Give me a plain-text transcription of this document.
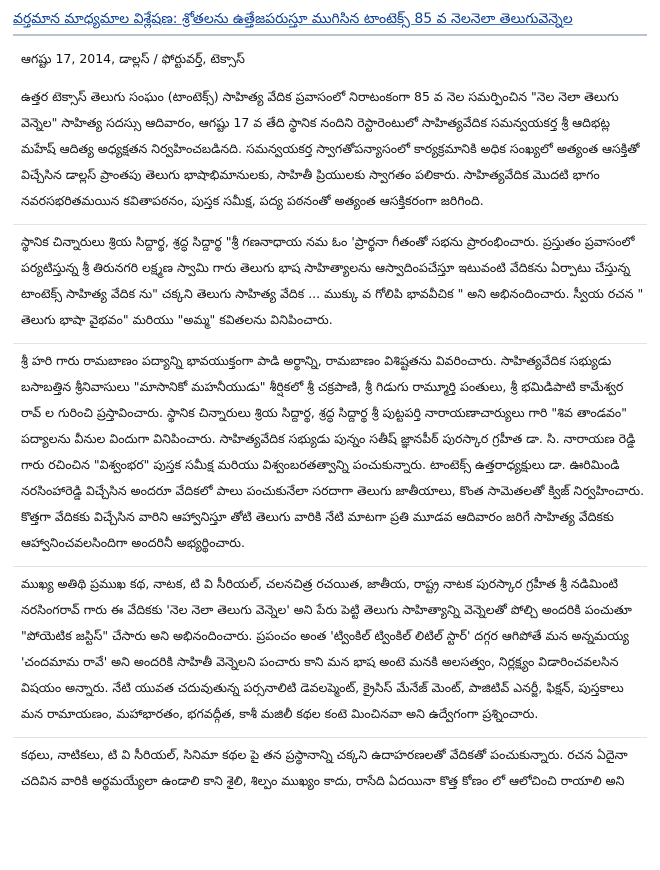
వర్తమాన మాధ్యమాల విశ్లేషణ: శ్రోతలను ఉత్తేజపరుస్తూ ముగిసిన టాంటెక్స్ 85 వ నెలనెలా తెలుగువెన్నెల
ఆగష్టు 17, 2014, డాల్లస్ / ఫోర్టువర్త్, టెక్సాస్

ఉత్తర టెక్సాస్ తెలుగు సంఘం (టాంటెక్స్) సాహిత్య వేదిక ప్రవాసంలో నిరాటంకంగా 85 వ నెల సమర్పించిన "నెల నెలా తెలుగు వెన్నెల" సాహిత్య సదస్సు ఆదివారం, ఆగష్టు 17 వ తేది స్థానిక నందిని రెస్టారెంటులో సాహిత్యవేదిక సమన్వయకర్త శ్రీ ఆదిభట్ల మహేష్ ఆదిత్య అధ్యక్షతన నిర్వహించబడినది. సమన్వయకర్త స్వాగతోపన్యాసంలో కార్యక్రమానికి అధిక సంఖ్యలో అత్యంత ఆసక్తితో విచ్చేసిన డాల్లస్ ప్రాంతపు తెలుగు భాషాభిమానులకు, సాహితీ ప్రియులకు స్వాగతం పలికారు. సాహిత్యవేదిక మొదటి భాగం నవరసభరితమయిన కవితాపఠనం, పుస్తక సమీక్ష, పద్య పఠనంతో అత్యంత ఆసక్తికరంగా జరిగింది.

స్థానిక చిన్నారులు శ్రియ సిద్దార్థ, శ్రద్ధ సిద్దార్థ "శ్రీ గణనాధాయ నమ ఓం 'ప్రార్థనా గీతంతో సభను ప్రారంభించారు. ప్రస్తుతం ప్రవాసంలో పర్యటిస్తున్న శ్రీ తిరునగరి లక్ష్మణ స్వామి గారు తెలుగు భాష సాహిత్యాలను ఆస్వాదింపచేస్తూ ఇటువంటి వేదికను ఏర్పాటు చేస్తున్న టాంటెక్స్ సాహిత్య వేదిక ను" చక్కని తెలుగు సాహిత్య వేదిక ... ముక్కు వ గోలిపి భావవీచిక " అని అభినందించారు. స్వీయ రచన " తెలుగు భాషా వైభవం" మరియు "అమ్మ" కవితలను వినిపించారు.

శ్రీ హరి గారు రామబాణం పద్యాన్ని భావయుక్తంగా పాడి అర్థాన్ని, రామబాణం విశిష్టతను వివరించారు. సాహిత్యవేదిక సభ్యుడు బసాబత్తిన శ్రీనివాసులు "మాసానికో మహనీయుడు" శీర్షికలో శ్రీ చక్రపాణి, శ్రీ గిడుగు రామ్మూర్తి పంతులు, శ్రీ భమిడిపాటి కామేశ్వర రావ్ ల గురించి ప్రస్తావించారు. స్థానిక చిన్నారులు శ్రియ సిద్దార్థ, శ్రద్ధ సిద్దార్థ శ్రీ పుట్టపర్తి నారాయణాచార్యులు గారి "శివ తాండవం" పద్యాలను వీనుల విందుగా వినిపించారు. సాహిత్యవేదిక సభ్యుడు పున్నం సతీష్ జ్ఞానపీఠ్ పురస్కార గ్రహీత డా. సి. నారాయణ రెడ్డి గారు రచించిన "విశ్వంభర" పుస్తక సమీక్ష మరియు విశ్వంబరతత్వాన్ని పంచుకున్నారు. టాంటెక్స్ ఉత్తరాధ్యక్షులు డా. ఊరిమిండి నరసింహారెడ్డి విచ్చేసిన అందరూ వేదికలో పాలు పంచుకునేలా సరదాగా తెలుగు జాతీయాలు, కొంత సామెతలతో క్విజ్ నిర్వహించారు. కొత్తగా వేదికకు విచ్చేసిన వారిని ఆహ్వానిస్తూ తోటి తెలుగు వారికి నేటి మాటగా ప్రతి మూడవ ఆదివారం జరిగే సాహిత్య వేదికకు ఆహ్వానించవలసిందిగా అందరినీ అభ్యర్థించారు.

ముఖ్య అతిథి ప్రముఖ కథ, నాటక, టి వి సీరియల్, చలనచిత్ర రచయిత, జాతీయ, రాష్ట్ర నాటక పురస్కార గ్రహీత శ్రీ నడిమింటి నరసింగరావ్ గారు ఈ వేదికకు 'నెల నెలా తెలుగు వెన్నెల' అని పేరు పెట్టి తెలుగు సాహిత్యాన్ని వెన్నెలతో పోల్చి అందరికి పంచుతూ "పోయెటిక జస్టిస్" చేసారు అని అభినందించారు. ప్రపంచం అంత 'ట్వింకిల్ ట్వింకిల్ లిటిల్ స్టార్' దగ్గర ఆగిపోతే మన అన్నమయ్య 'చందమామ రావే' అని అందరికి సాహితీ వెన్నెలని పంచారు కాని మన భాష అంటె మనకి అలసత్వం, నిర్లక్ష్యం విడారించవలసిన విషయం అన్నారు. నేటి యువత చదువుతున్న పర్సనాలిటి డెవలప్మెంట్, క్రైసిస్ మేనేజ్ మెంట్, పాజిటివ్ ఎనర్జీ, ఫిక్షన్, పుస్తకాలు మన రామాయణం, మహాభారతం, భగవద్గీత, కాశీ మజిలీ కథల కంటె మించినవా అని ఉద్వేగంగా ప్రశ్నించారు.

కథలు, నాటికలు, టి వి సీరియల్, సినిమా కథల పై తన ప్రస్థానాన్ని చక్కని ఉదాహరణలతో వేదికతో పంచుకున్నారు. రచన ఏదైనా చదివిన వారికి అర్థమయ్యేలా ఉండాలి కాని శైలి, శిల్పం ముఖ్యం కాదు, రాసేది ఏదయినా కొత్త కోణం లో ఆలోచించి రాయాలి అని
